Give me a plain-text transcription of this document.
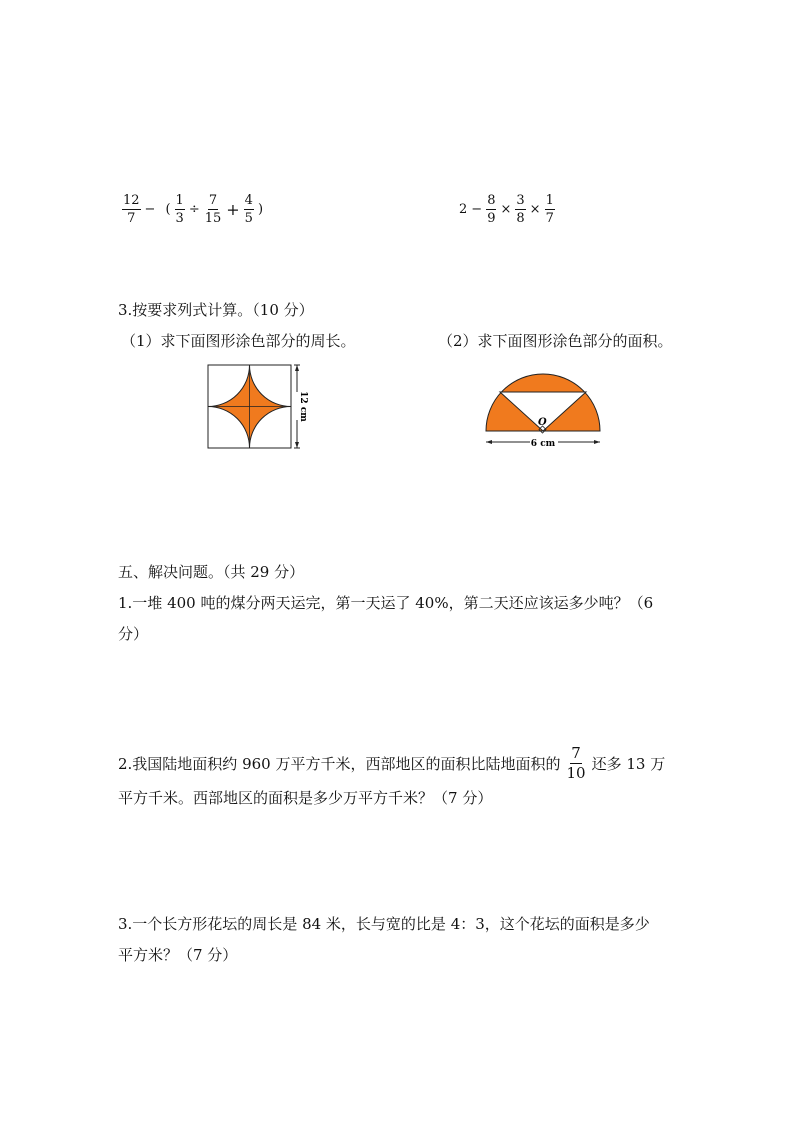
$\frac{12}{7}$ − ( $\frac{1}{3} \div \frac{7}{15} + \frac{4}{5}$ )	$2 - \frac{8}{9} \times \frac{3}{8} \times \frac{1}{7}$
3.按要求列式计算。（10 分）
（1）求下面图形涂色部分的周长。	（2）求下面图形涂色部分的面积。
12 cm
O
6 cm
五、解决问题。（共 29 分）
1.一堆 400 吨的煤分两天运完，第一天运了 40%，第二天还应该运多少吨？（6
分）
2.我国陆地面积约 960 万平方千米，西部地区的面积比陆地面积的 $\frac{7}{10}$ 还多 13 万
平方千米。西部地区的面积是多少万平方千米？（7 分）
3.一个长方形花坛的周长是 84 米，长与宽的比是 4：3，这个花坛的面积是多少
平方米？（7 分）
